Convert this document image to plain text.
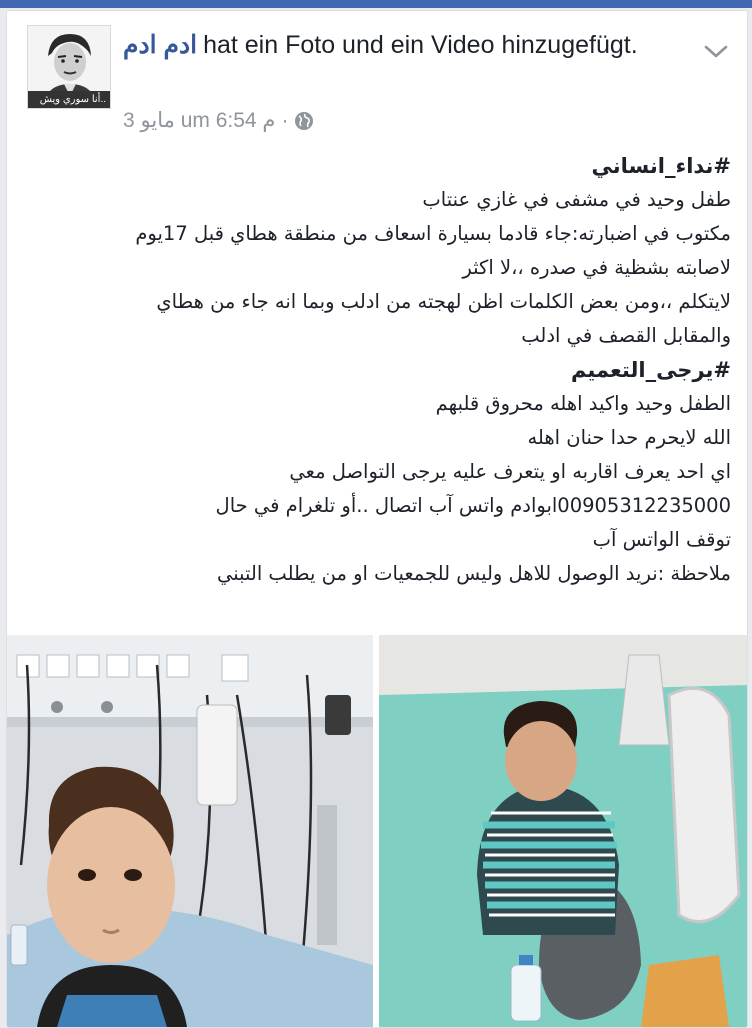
أنا سوري ويش..
ادم ادم hat ein Foto und ein Video hinzugefügt.
3 مايو um 6:54 م ·

#نداء_انساني

طفل وحيد في مشفى في غازي عنتاب

مكتوب في اضبارته:جاء قادما بسيارة اسعاف من منطقة هطاي قبل 17يوم

لاصابته بشظية في صدره ،،لا اكثر

لايتكلم ،،ومن بعض الكلمات اظن لهجته من ادلب وبما انه جاء من هطاي

والمقابل القصف في ادلب

#يرجى_التعميم

الطفل وحيد واكيد اهله محروق قلبهم

الله لايحرم حدا حنان اهله

اي احد يعرف اقاربه او يتعرف عليه يرجى التواصل معي

00905312235000ابوادم واتس آب اتصال ..أو تلغرام في حال

توقف الواتس آب

ملاحظة :نريد الوصول للاهل وليس للجمعيات او من يطلب التبني
